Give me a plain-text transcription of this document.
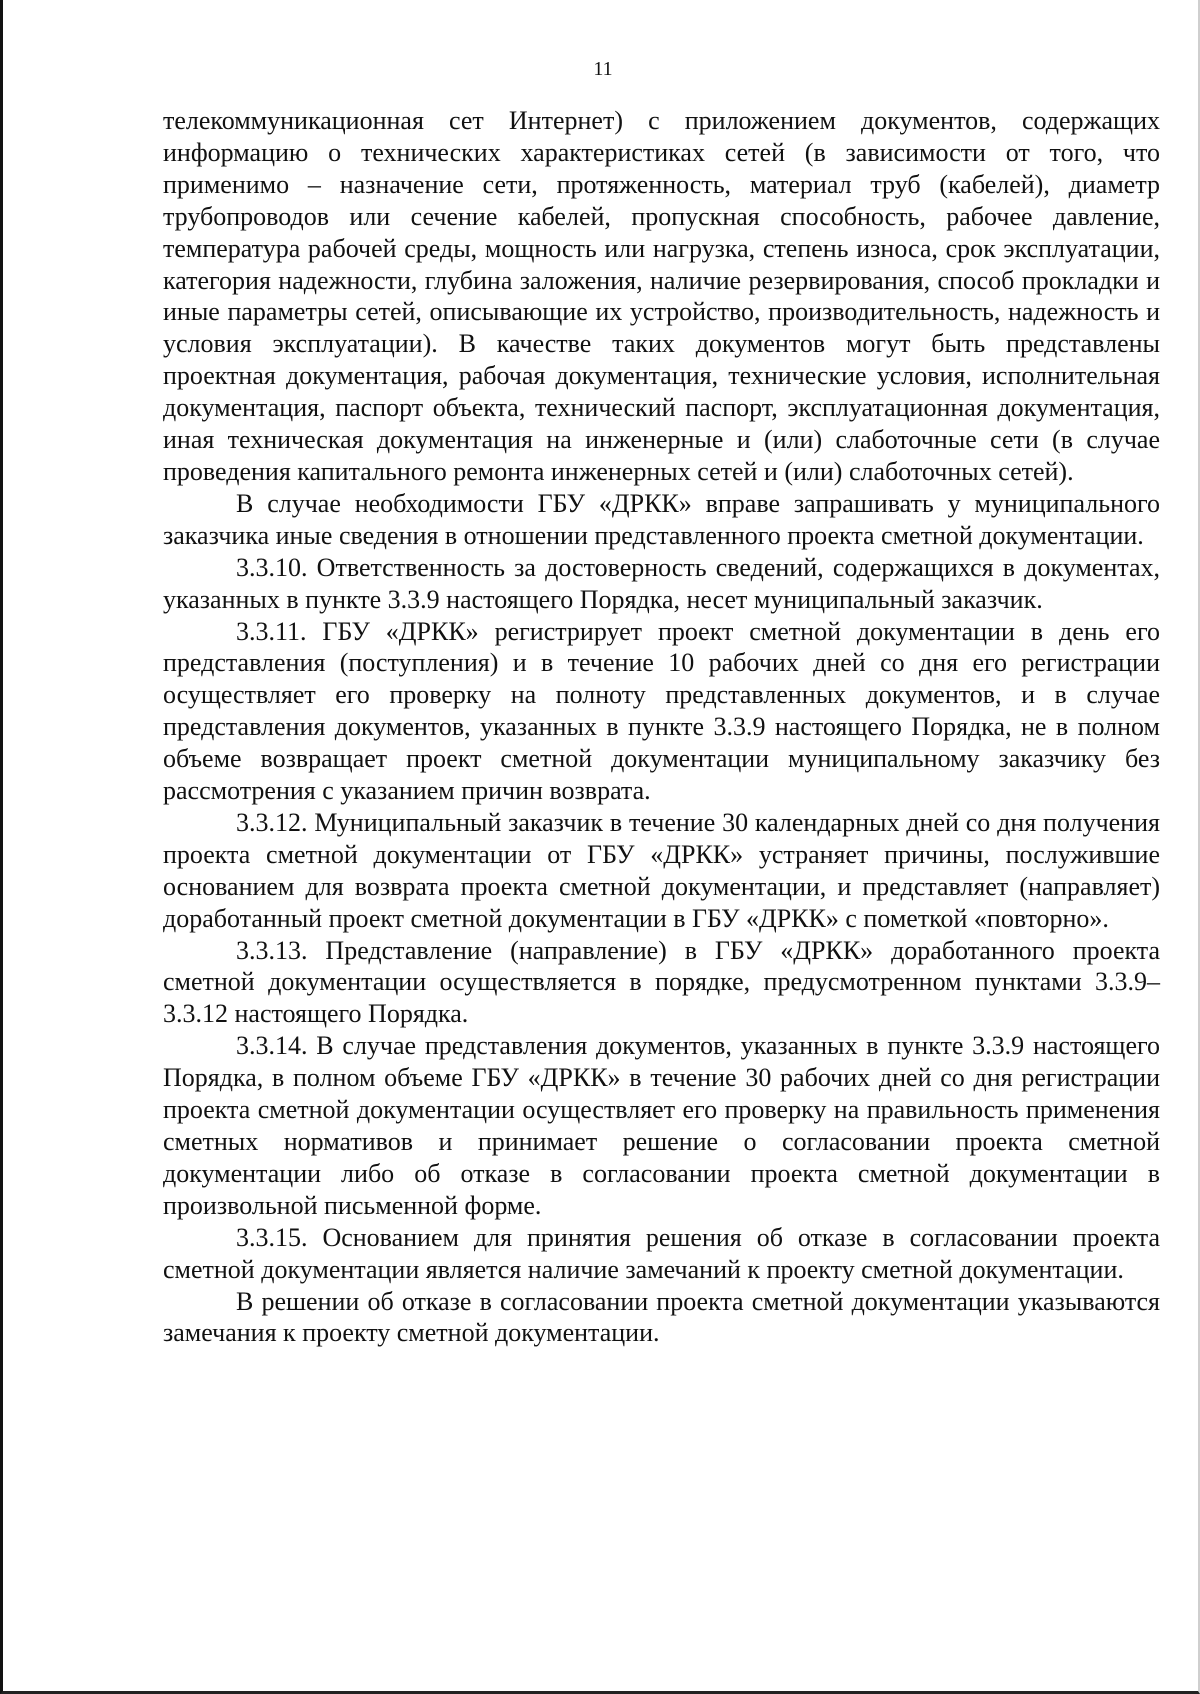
11

телекоммуникационная сет Интернет) с приложением документов, содержащих информацию о технических характеристиках сетей (в зависимости от того, что применимо – назначение сети, протяженность, материал труб (кабелей), диаметр трубопроводов или сечение кабелей, пропускная способность, рабочее давление, температура рабочей среды, мощность или нагрузка, степень износа, срок эксплуатации, категория надежности, глубина заложения, наличие резервирования, способ прокладки и иные параметры сетей, описывающие их устройство, производительность, надежность и условия эксплуатации). В качестве таких документов могут быть представлены проектная документация, рабочая документация, технические условия, исполнительная документация, паспорт объекта, технический паспорт, эксплуатационная документация, иная техническая документация на инженерные и (или) слаботочные сети (в случае проведения капитального ремонта инженерных сетей и (или) слаботочных сетей).

В случае необходимости ГБУ «ДРКК» вправе запрашивать у муниципального заказчика иные сведения в отношении представленного проекта сметной документации.

3.3.10. Ответственность за достоверность сведений, содержащихся в документах, указанных в пункте 3.3.9 настоящего Порядка, несет муниципальный заказчик.

3.3.11. ГБУ «ДРКК» регистрирует проект сметной документации в день его представления (поступления) и в течение 10 рабочих дней со дня его регистрации осуществляет его проверку на полноту представленных документов, и в случае представления документов, указанных в пункте 3.3.9 настоящего Порядка, не в полном объеме возвращает проект сметной документации муниципальному заказчику без рассмотрения с указанием причин возврата.

3.3.12. Муниципальный заказчик в течение 30 календарных дней со дня получения проекта сметной документации от ГБУ «ДРКК» устраняет причины, послужившие основанием для возврата проекта сметной документации, и представляет (направляет) доработанный проект сметной документации в ГБУ «ДРКК» с пометкой «повторно».

3.3.13. Представление (направление) в ГБУ «ДРКК» доработанного проекта сметной документации осуществляется в порядке, предусмотренном пунктами 3.3.9–3.3.12 настоящего Порядка.

3.3.14. В случае представления документов, указанных в пункте 3.3.9 настоящего Порядка, в полном объеме ГБУ «ДРКК» в течение 30 рабочих дней со дня регистрации проекта сметной документации осуществляет его проверку на правильность применения сметных нормативов и принимает решение о согласовании проекта сметной документации либо об отказе в согласовании проекта сметной документации в произвольной письменной форме.

3.3.15. Основанием для принятия решения об отказе в согласовании проекта сметной документации является наличие замечаний к проекту сметной документации.

В решении об отказе в согласовании проекта сметной документации указываются замечания к проекту сметной документации.
